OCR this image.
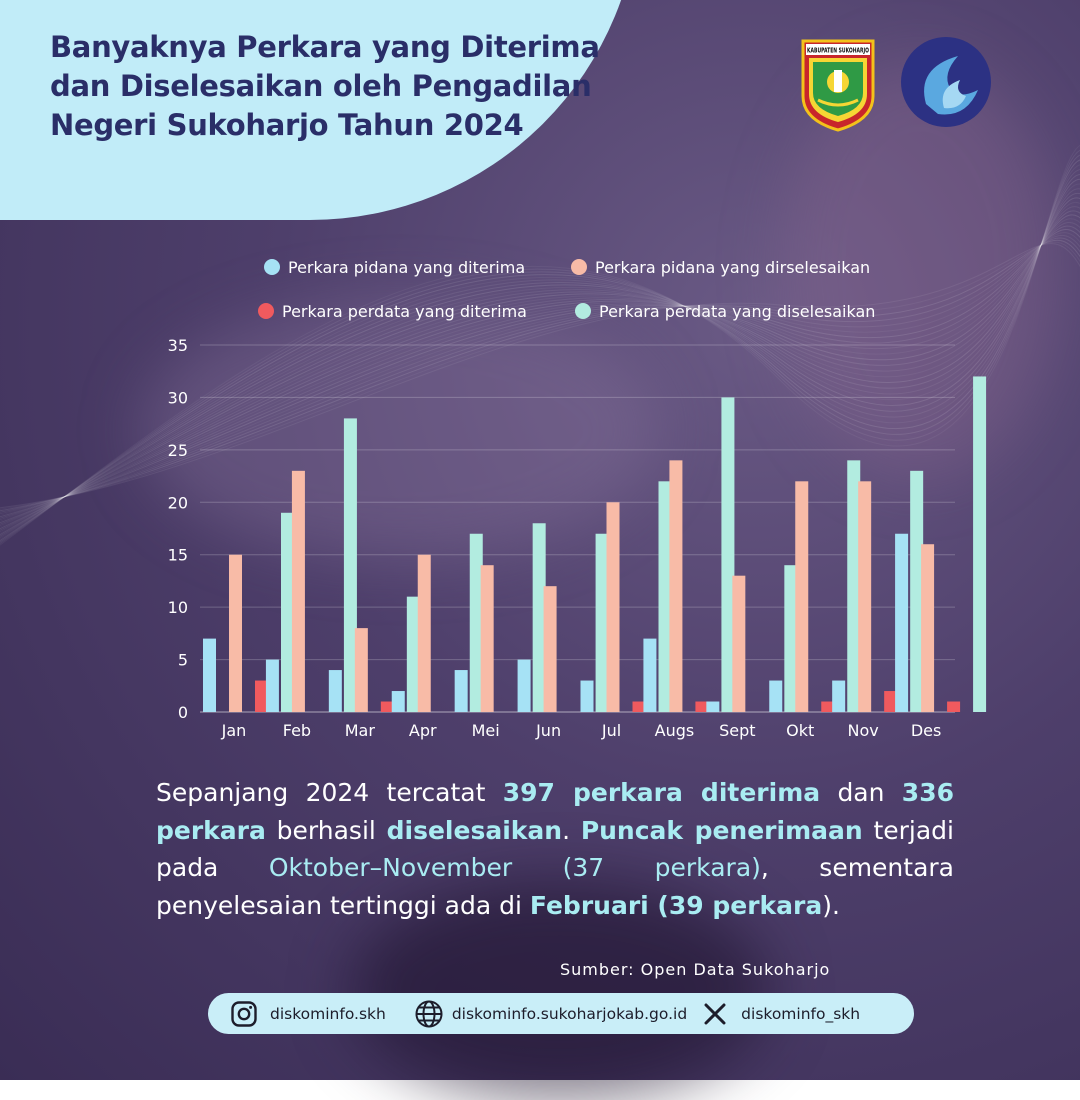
Banyaknya Perkara yang Diterima dan Diselesaikan oleh Pengadilan Negeri Sukoharjo Tahun 2024
KABUPATEN SUKOHARJO
Perkara pidana yang diterima	Perkara pidana yang dirselesaikan
Perkara perdata yang diterima	Perkara perdata yang diselesaikan
0
5
10
15
20
25
30
35
Jan Feb Mar Apr Mei Jun	Jul Augs Sept Okt Nov Des

Sepanjang 2024 tercatat 397 perkara diterima dan 336 perkara berhasil diselesaikan. Puncak penerimaan terjadi pada Oktober–November (37 perkara), sementara penyelesaian tertinggi ada di Februari (39 perkara).

Sumber: Open Data Sukoharjo
diskominfo.skh	diskominfo.sukoharjokab.go.id	diskominfo_skh
